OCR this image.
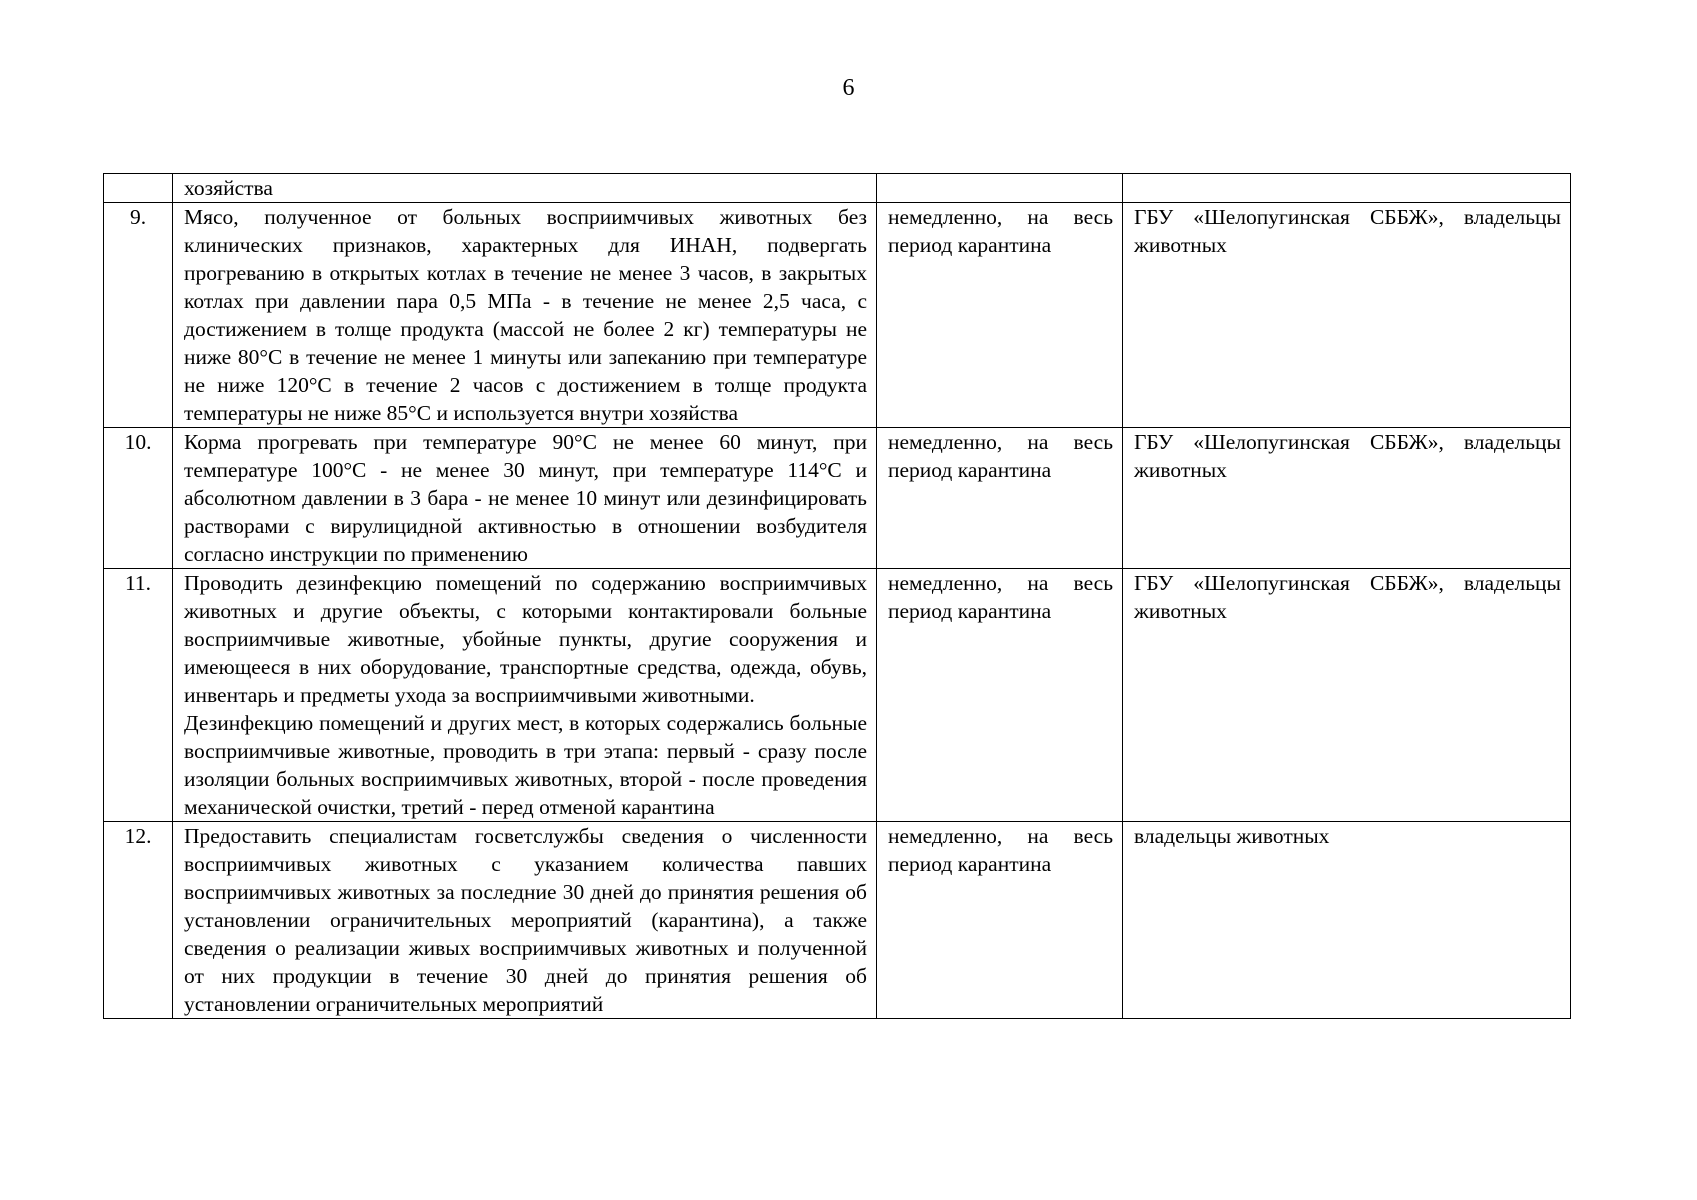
6
	хозяйства		
9.	Мясо, полученное от больных восприимчивых животных без клинических признаков, характерных для ИНАН, подвергать прогреванию в открытых котлах в течение не менее 3 часов, в закрытых котлах при давлении пара 0,5 МПа - в течение не менее 2,5 часа, с достижением в толще продукта (массой не более 2 кг) температуры не ниже 80°С в течение не менее 1 минуты или запеканию при температуре не ниже 120°С в течение 2 часов с достижением в толще продукта температуры не ниже 85°С и используется внутри хозяйства	немедленно, на весь период карантина	ГБУ «Шелопугинская СББЖ», владельцы животных
10.	Корма прогревать при температуре 90°С не менее 60 минут, при температуре 100°С - не менее 30 минут, при температуре 114°С и абсолютном давлении в 3 бара - не менее 10 минут или дезинфицировать растворами с вирулицидной активностью в отношении возбудителя согласно инструкции по применению	немедленно, на весь период карантина	ГБУ «Шелопугинская СББЖ», владельцы животных
11.	Проводить дезинфекцию помещений по содержанию восприимчивых животных и другие объекты, с которыми контактировали больные восприимчивые животные, убойные пункты, другие сооружения и имеющееся в них оборудование, транспортные средства, одежда, обувь, инвентарь и предметы ухода за восприимчивыми животными.
Дезинфекцию помещений и других мест, в которых содержались больные восприимчивые животные, проводить в три этапа: первый - сразу после изоляции больных восприимчивых животных, второй - после проведения механической очистки, третий - перед отменой карантина	немедленно, на весь период карантина	ГБУ «Шелопугинская СББЖ», владельцы животных
12.	Предоставить специалистам госветслужбы сведения о численности восприимчивых животных с указанием количества павших восприимчивых животных за последние 30 дней до принятия решения об установлении ограничительных мероприятий (карантина), а также сведения о реализации живых восприимчивых животных и полученной от них продукции в течение 30 дней до принятия решения об установлении ограничительных мероприятий	немедленно, на весь период карантина	владельцы животных
